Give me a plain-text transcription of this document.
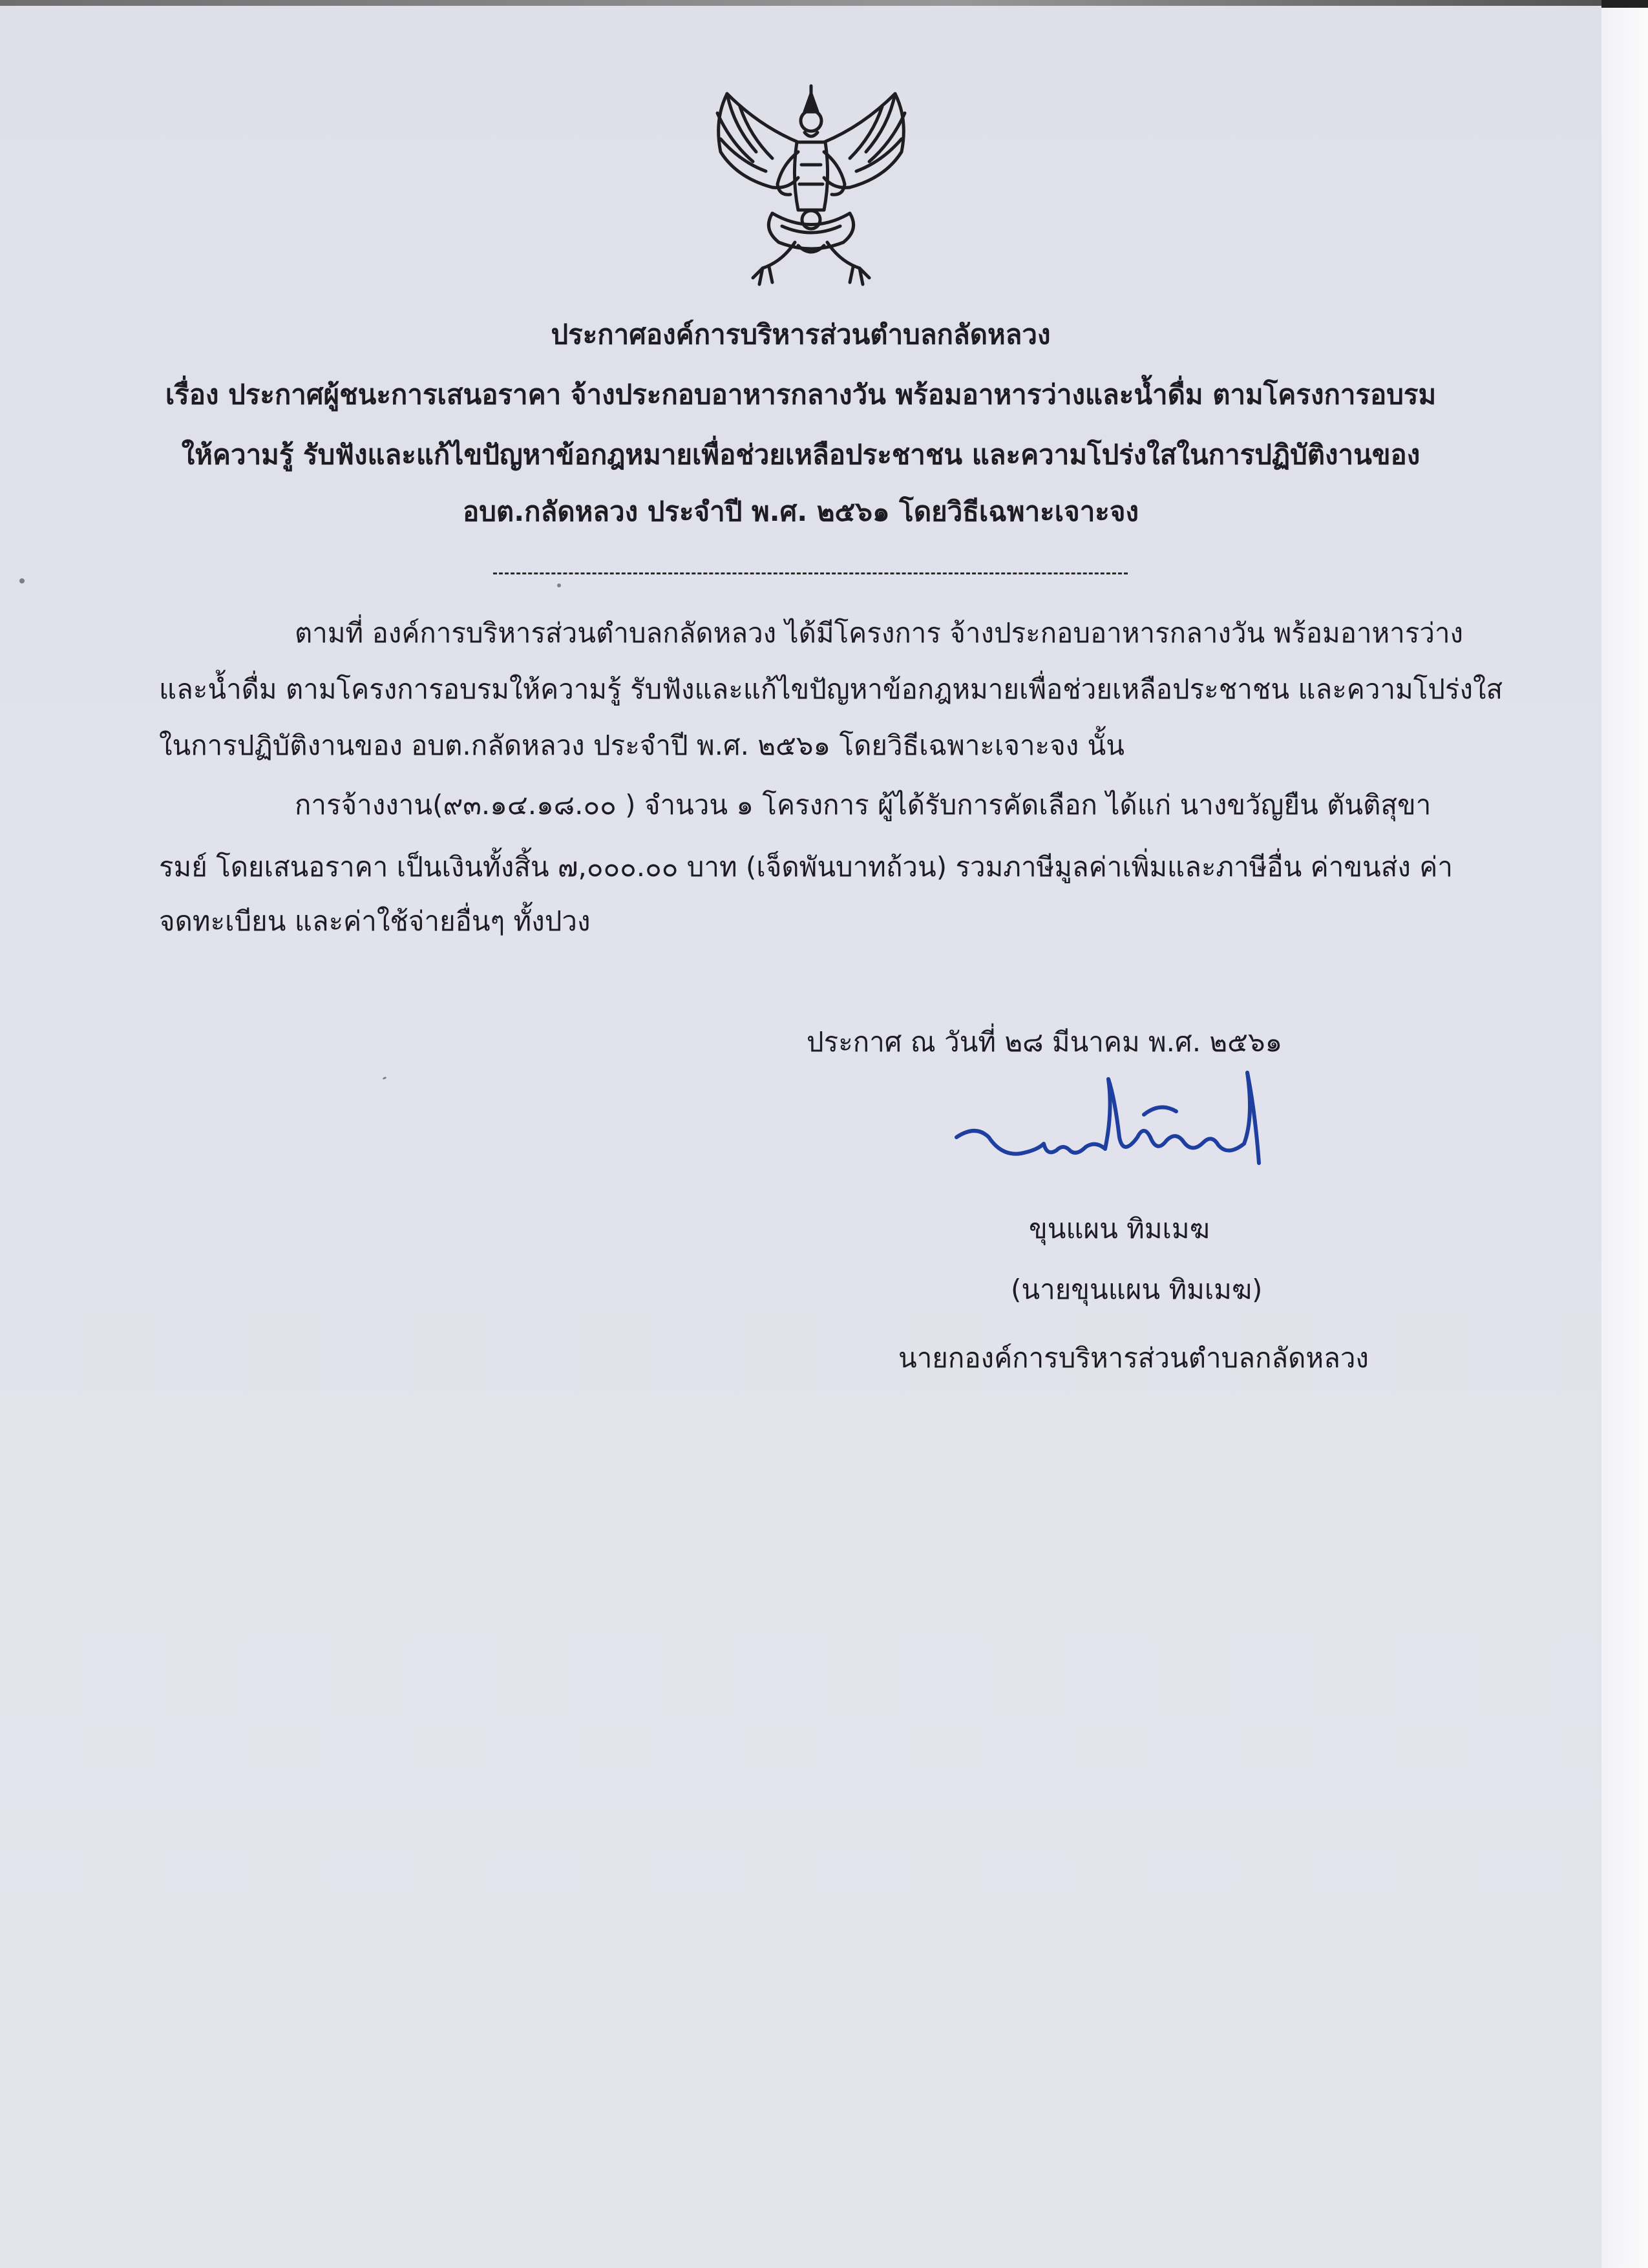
ประกาศองค์การบริหารส่วนตำบลกลัดหลวง

เรื่อง ประกาศผู้ชนะการเสนอราคา จ้างประกอบอาหารกลางวัน พร้อมอาหารว่างและน้ำดื่ม ตามโครงการอบรม

ให้ความรู้ รับฟังและแก้ไขปัญหาข้อกฎหมายเพื่อช่วยเหลือประชาชน และความโปร่งใสในการปฏิบัติงานของ

อบต.กลัดหลวง ประจำปี พ.ศ. ๒๕๖๑ โดยวิธีเฉพาะเจาะจง

ตามที่ องค์การบริหารส่วนตำบลกลัดหลวง ได้มีโครงการ จ้างประกอบอาหารกลางวัน พร้อมอาหารว่าง

และน้ำดื่ม ตามโครงการอบรมให้ความรู้ รับฟังและแก้ไขปัญหาข้อกฎหมายเพื่อช่วยเหลือประชาชน และความโปร่งใส

ในการปฏิบัติงานของ อบต.กลัดหลวง ประจำปี พ.ศ. ๒๕๖๑ โดยวิธีเฉพาะเจาะจง นั้น

การจ้างงาน(๙๓.๑๔.๑๘.๐๐ ) จำนวน ๑ โครงการ ผู้ได้รับการคัดเลือก ได้แก่ นางขวัญยืน ตันติสุขา

รมย์ โดยเสนอราคา เป็นเงินทั้งสิ้น ๗,๐๐๐.๐๐ บาท (เจ็ดพันบาทถ้วน) รวมภาษีมูลค่าเพิ่มและภาษีอื่น ค่าขนส่ง ค่า

จดทะเบียน และค่าใช้จ่ายอื่นๆ ทั้งปวง

ประกาศ ณ วันที่ ๒๘ มีนาคม พ.ศ. ๒๕๖๑

ขุนแผน ทิมเมฆ

(นายขุนแผน ทิมเมฆ)

นายกองค์การบริหารส่วนตำบลกลัดหลวง
